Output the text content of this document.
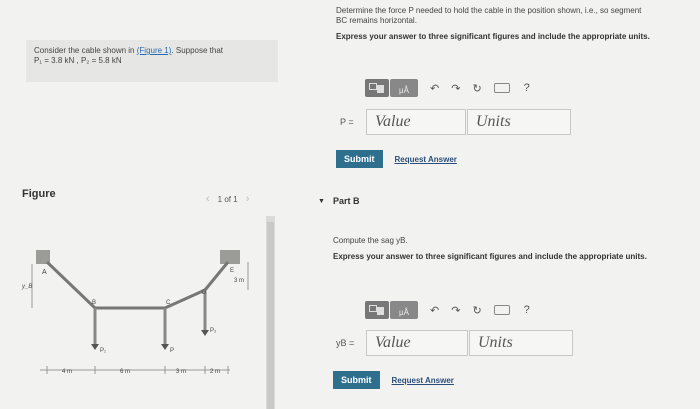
Consider the cable shown in (Figure 1). Suppose that
P₁ = 3.8 kN , P₂ = 5.8 kN
Figure	‹ 1 of 1 ›
A
B	C
D
E
P₁	P
P₂
y_B
3 m
4 m	6 m	3 m	2 m
Determine the force P needed to hold the cable in the position shown, i.e., so segment
BC remains horizontal.
Express your answer to three significant figures and include the appropriate units.
μÅ	↶ ↷ ↻	?
P =	Value	Units
Submit	Request Answer
▼ Part B
Compute the sag yB.
Express your answer to three significant figures and include the appropriate units.
μÅ	↶ ↷ ↻	?
yB =	Value	Units
Submit	Request Answer
